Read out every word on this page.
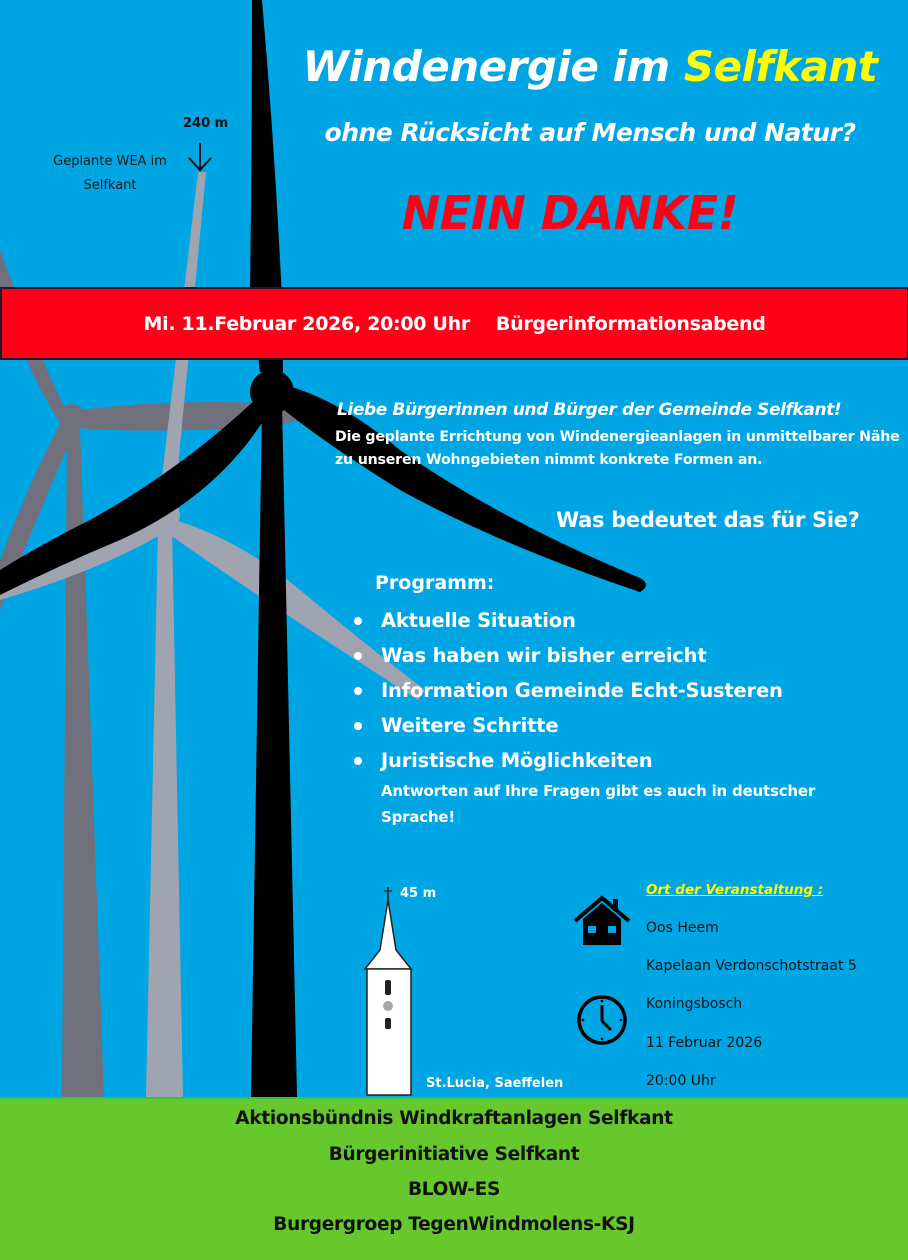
Windenergie im Selfkant
ohne Rücksicht auf Mensch und Natur?
NEIN DANKE!
240 m
Geplante WEA im
Selfkant
Mi. 11.Februar 2026, 20:00 Uhr Bürgerinformationsabend
Liebe Bürgerinnen und Bürger der Gemeinde Selfkant!
Die geplante Errichtung von Windenergieanlagen in unmittelbarer Nähe zu unseren Wohngebieten nimmt konkrete Formen an.
Was bedeutet das für Sie?
Programm:
Aktuelle Situation
Was haben wir bisher erreicht
Information Gemeinde Echt-Susteren
Weitere Schritte
Juristische Möglichkeiten
Antworten auf Ihre Fragen gibt es auch in deutscher Sprache!
45 m
St.Lucia, Saeffelen
Ort der Veranstaltung :
Oos Heem
Kapelaan Verdonschotstraat 5
Koningsbosch
11 Februar 2026
20:00 Uhr
Aktionsbündnis Windkraftanlagen Selfkant
Bürgerinitiative Selfkant
BLOW-ES
Burgergroep TegenWindmolens-KSJ
